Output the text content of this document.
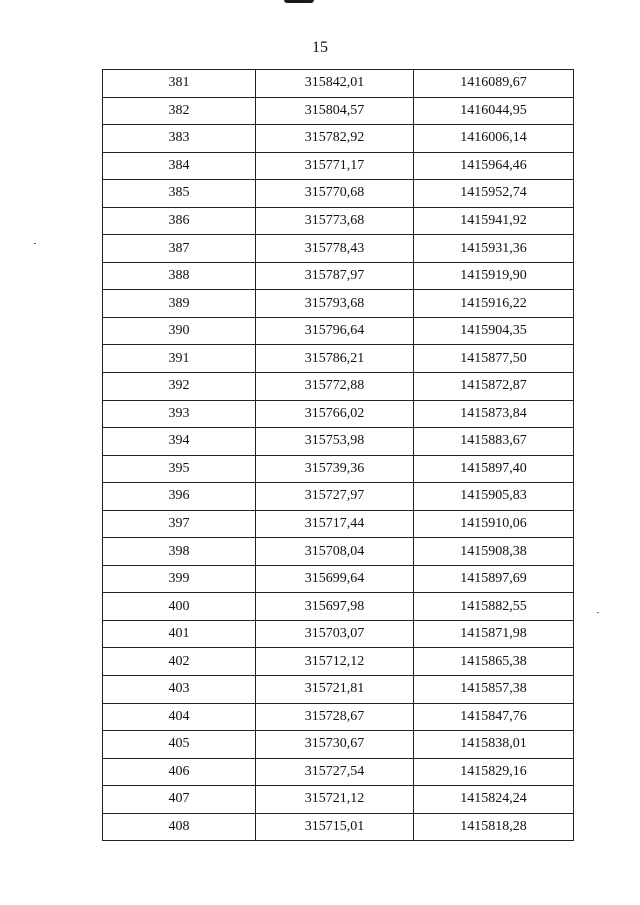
15
381	315842,01	1416089,67
382	315804,57	1416044,95
383	315782,92	1416006,14
384	315771,17	1415964,46
385	315770,68	1415952,74
386	315773,68	1415941,92
387	315778,43	1415931,36
388	315787,97	1415919,90
389	315793,68	1415916,22
390	315796,64	1415904,35
391	315786,21	1415877,50
392	315772,88	1415872,87
393	315766,02	1415873,84
394	315753,98	1415883,67
395	315739,36	1415897,40
396	315727,97	1415905,83
397	315717,44	1415910,06
398	315708,04	1415908,38
399	315699,64	1415897,69
400	315697,98	1415882,55
401	315703,07	1415871,98
402	315712,12	1415865,38
403	315721,81	1415857,38
404	315728,67	1415847,76
405	315730,67	1415838,01
406	315727,54	1415829,16
407	315721,12	1415824,24
408	315715,01	1415818,28
